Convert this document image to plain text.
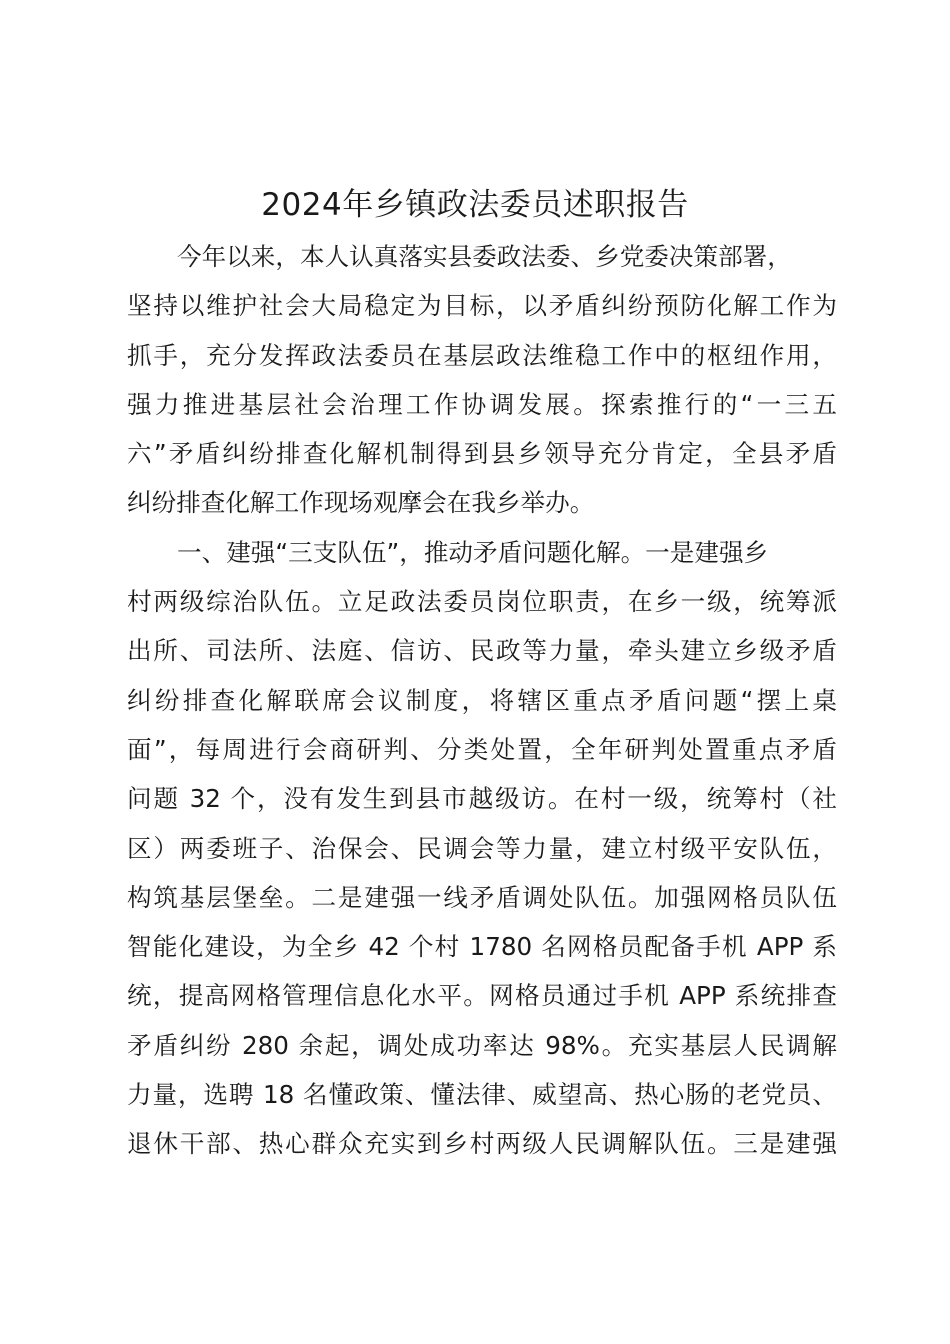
2024年乡镇政法委员述职报告
今年以来，本人认真落实县委政法委、乡党委决策部署，
坚持以维护社会大局稳定为目标，以矛盾纠纷预防化解工作为
抓手，充分发挥政法委员在基层政法维稳工作中的枢纽作用，
强力推进基层社会治理工作协调发展。探索推行的“一三五
六”矛盾纠纷排查化解机制得到县乡领导充分肯定，全县矛盾
纠纷排查化解工作现场观摩会在我乡举办。
一、建强“三支队伍”，推动矛盾问题化解。一是建强乡
村两级综治队伍。立足政法委员岗位职责，在乡一级，统筹派
出所、司法所、法庭、信访、民政等力量，牵头建立乡级矛盾
纠纷排查化解联席会议制度，将辖区重点矛盾问题“摆上桌
面”，每周进行会商研判、分类处置，全年研判处置重点矛盾
问题 32 个，没有发生到县市越级访。在村一级，统筹村（社
区）两委班子、治保会、民调会等力量，建立村级平安队伍，
构筑基层堡垒。二是建强一线矛盾调处队伍。加强网格员队伍
智能化建设，为全乡 42 个村 1780 名网格员配备手机 APP 系
统，提高网格管理信息化水平。网格员通过手机 APP 系统排查
矛盾纠纷 280 余起，调处成功率达 98%。充实基层人民调解
力量，选聘 18 名懂政策、懂法律、威望高、热心肠的老党员、
退休干部、热心群众充实到乡村两级人民调解队伍。三是建强
